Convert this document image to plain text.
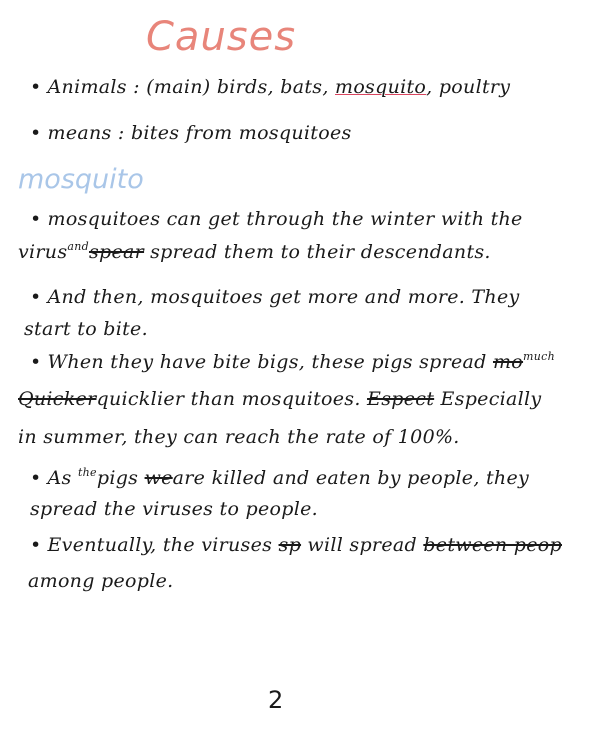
Causes
• Animals : (main) birds, bats, mosquito, poultry
• means : bites from mosquitoes
mosquito
• mosquitoes can get through the winter with the
virus$^{and}$spear spread them to their descendants.
• And then, mosquitoes get more and more. They
start to bite.
• When they have bite bigs, these pigs spread $mo^{much}$
Quickerquicklier than mosquitoes. Espect Especially
in summer, they can reach the rate of 100%.
• As $^{the}$pigs weare killed and eaten by people, they
spread the viruses to people.
• Eventually, the viruses sp will spread between peop
among people.
2
